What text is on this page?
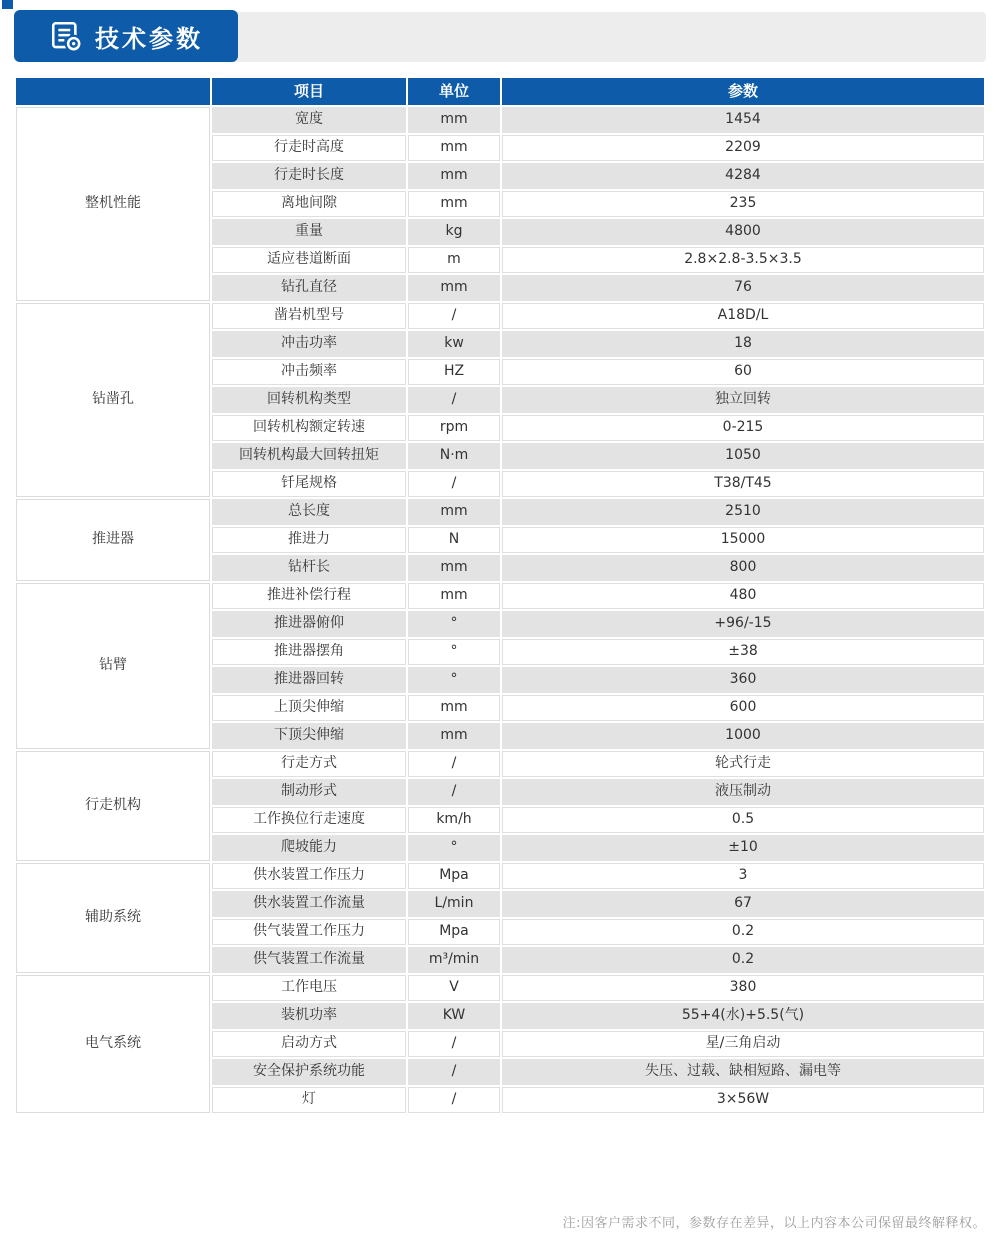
技术参数
	项目	单位	参数
整机性能	宽度	mm	1454
	行走时高度	mm	2209
	行走时长度	mm	4284
	离地间隙	mm	235
	重量	kg	4800
	适应巷道断面	m	2.8×2.8-3.5×3.5
	钻孔直径	mm	76
钻凿孔	凿岩机型号	/	A18D/L
	冲击功率	kw	18
	冲击频率	HZ	60
	回转机构类型	/	独立回转
	回转机构额定转速	rpm	0-215
	回转机构最大回转扭矩	N·m	1050
	钎尾规格	/	T38/T45
推进器	总长度	mm	2510
	推进力	N	15000
	钻杆长	mm	800
钻臂	推进补偿行程	mm	480
	推进器俯仰	°	+96/-15
	推进器摆角	°	±38
	推进器回转	°	360
	上顶尖伸缩	mm	600
	下顶尖伸缩	mm	1000
行走机构	行走方式	/	轮式行走
	制动形式	/	液压制动
	工作换位行走速度	km/h	0.5
	爬坡能力	°	±10
辅助系统	供水装置工作压力	Mpa	3
	供水装置工作流量	L/min	67
	供气装置工作压力	Mpa	0.2
	供气装置工作流量	m³/min	0.2
电气系统	工作电压	V	380
	装机功率	KW	55+4(水)+5.5(气)
	启动方式	/	星/三角启动
	安全保护系统功能	/	失压、过载、缺相短路、漏电等
	灯	/	3×56W
注:因客户需求不同，参数存在差异，以上内容本公司保留最终解释权。
